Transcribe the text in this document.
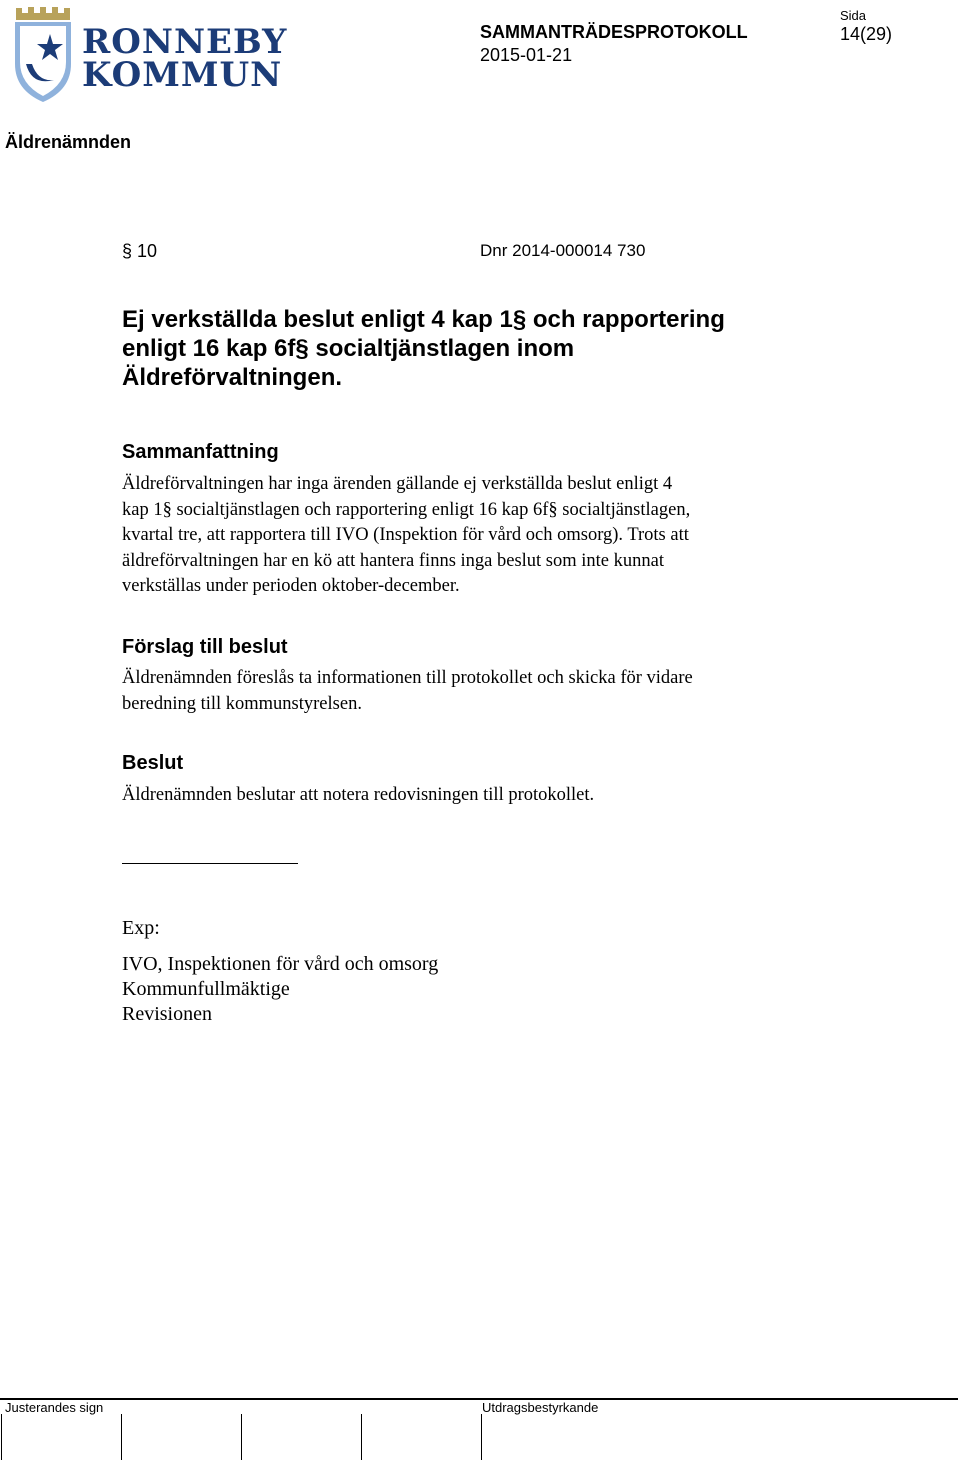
RONNEBY
KOMMUN
SAMMANTRÄDESPROTOKOLL
2015-01-21
Sida
14(29)
Äldrenämnden
§ 10	Dnr 2014-000014 730
Ej verkställda beslut enligt 4 kap 1§ och rapportering
enligt 16 kap 6f§ socialtjänstlagen inom
Äldreförvaltningen.
Sammanfattning
Äldreförvaltningen har inga ärenden gällande ej verkställda beslut enligt 4
kap 1§ socialtjänstlagen och rapportering enligt 16 kap 6f§ socialtjänstlagen,
kvartal tre, att rapportera till IVO (Inspektion för vård och omsorg). Trots att
äldreförvaltningen har en kö att hantera finns inga beslut som inte kunnat
verkställas under perioden oktober-december.
Förslag till beslut
Äldrenämnden föreslås ta informationen till protokollet och skicka för vidare
beredning till kommunstyrelsen.
Beslut
Äldrenämnden beslutar att notera redovisningen till protokollet.
Exp:
IVO, Inspektionen för vård och omsorg
Kommunfullmäktige
Revisionen
Justerandes sign	Utdragsbestyrkande
